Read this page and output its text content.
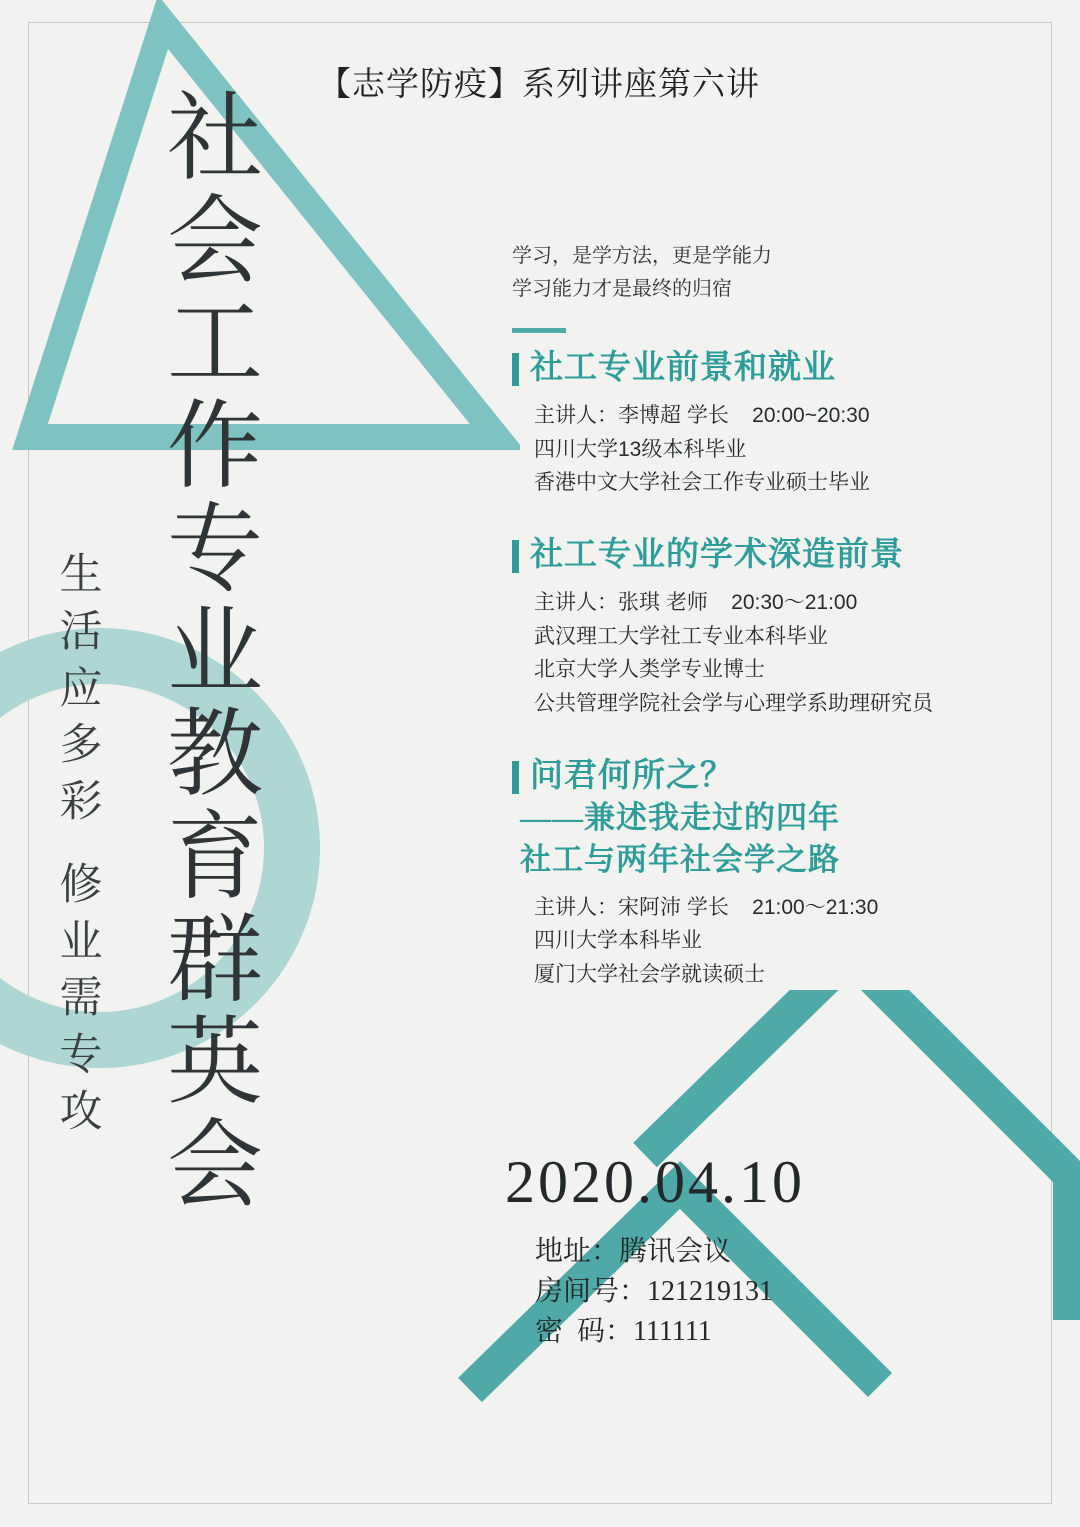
【志学防疫】系列讲座第六讲
社
会
工
作
专
业
教
育
群
英
会
生
活
应
多
彩
修
业
需
专
攻
学习，是学方法，更是学能力
学习能力才是最终的归宿
社工专业前景和就业
主讲人：李博超 学长    20:00~20:30
四川大学13级本科毕业
香港中文大学社会工作专业硕士毕业
社工专业的学术深造前景
主讲人：张琪 老师    20:30～21:00
武汉理工大学社工专业本科毕业
北京大学人类学专业博士
公共管理学院社会学与心理学系助理研究员
问君何所之？
——兼述我走过的四年
社工与两年社会学之路
主讲人：宋阿沛 学长    21:00～21:30
四川大学本科毕业
厦门大学社会学就读硕士
2020.04.10
地址：腾讯会议
房间号：121219131
密  码：111111
